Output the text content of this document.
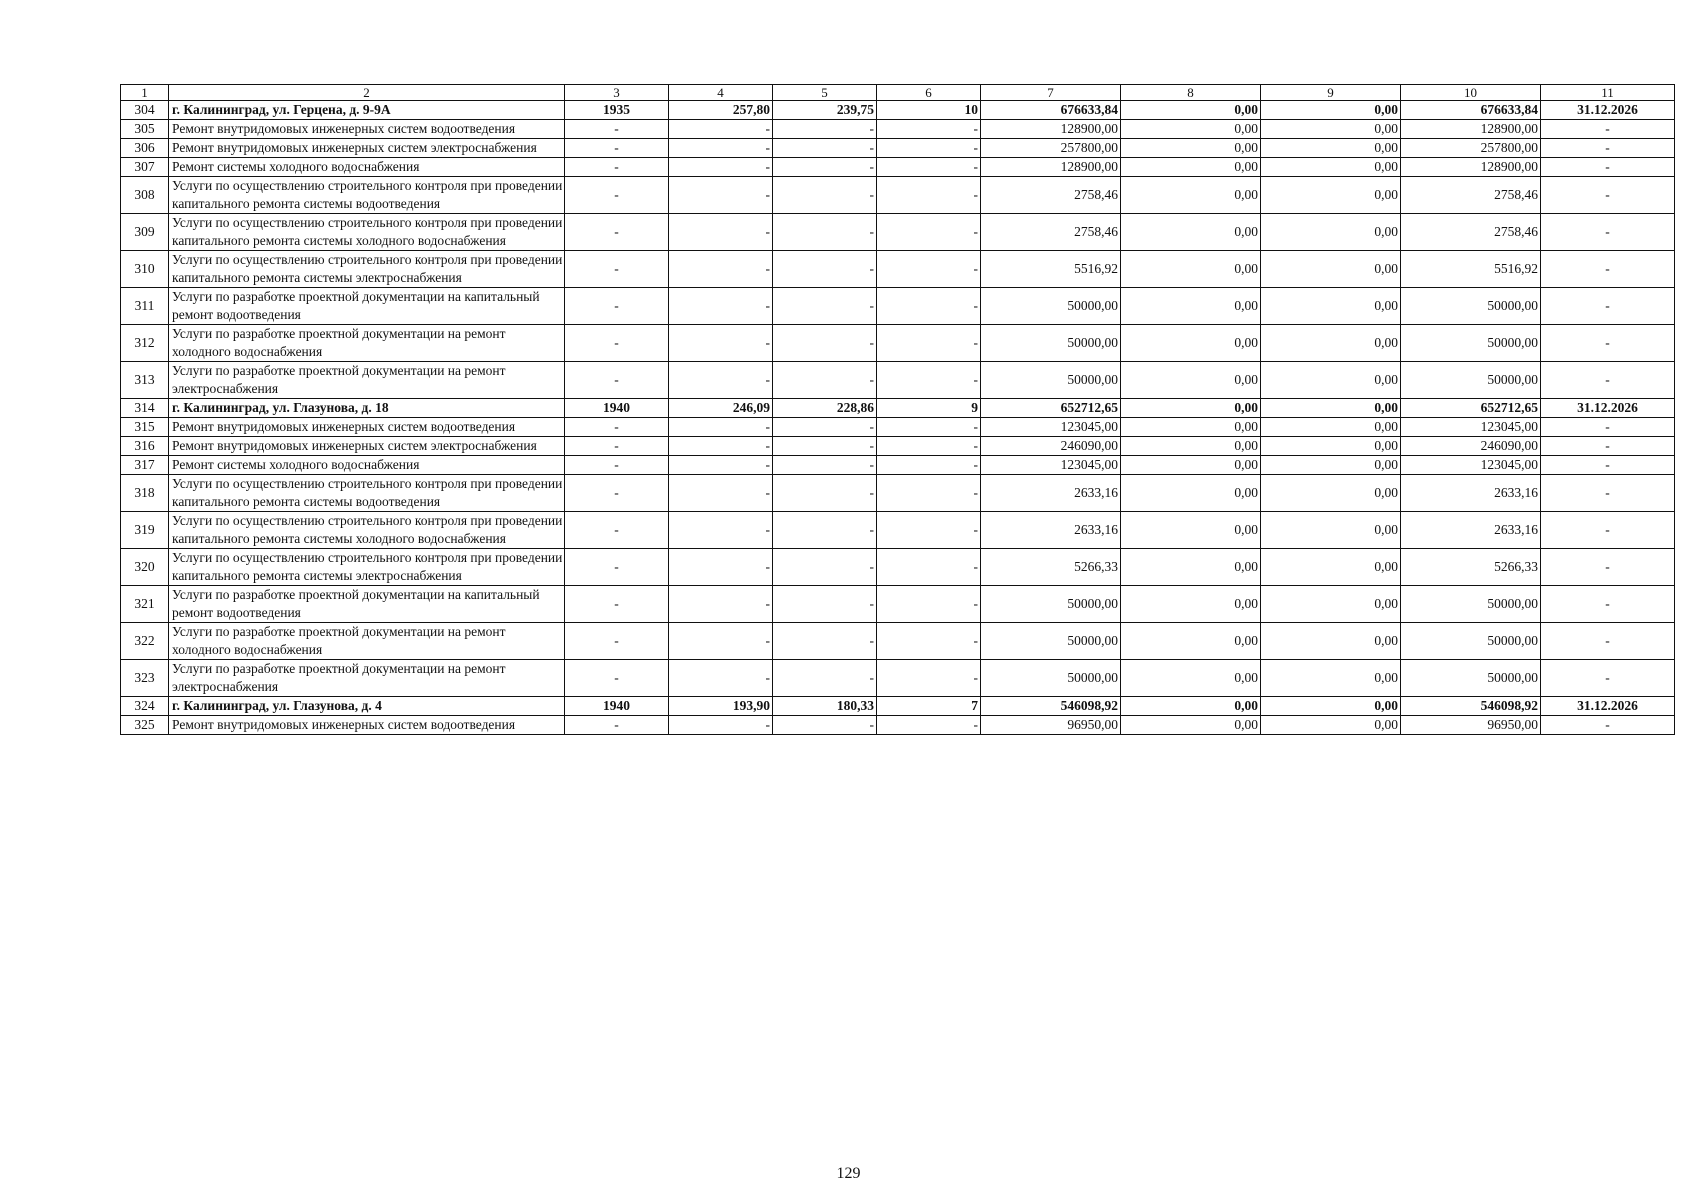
1	2	3	4	5	6	7	8	9	10	11
304	г. Калининград, ул. Герцена, д. 9-9А	1935	257,80	239,75	10	676633,84	0,00	0,00	676633,84	31.12.2026
305	Ремонт внутридомовых инженерных систем водоотведения	-	-	-	-	128900,00	0,00	0,00	128900,00	-
306	Ремонт внутридомовых инженерных систем электроснабжения	-	-	-	-	257800,00	0,00	0,00	257800,00	-
307	Ремонт системы холодного водоснабжения	-	-	-	-	128900,00	0,00	0,00	128900,00	-
308	Услуги по осуществлению строительного контроля при проведении капитального ремонта системы водоотведения	-	-	-	-	2758,46	0,00	0,00	2758,46	-
309	Услуги по осуществлению строительного контроля при проведении капитального ремонта системы холодного водоснабжения	-	-	-	-	2758,46	0,00	0,00	2758,46	-
310	Услуги по осуществлению строительного контроля при проведении капитального ремонта системы электроснабжения	-	-	-	-	5516,92	0,00	0,00	5516,92	-
311	Услуги по разработке проектной документации на капитальный ремонт водоотведения	-	-	-	-	50000,00	0,00	0,00	50000,00	-
312	Услуги по разработке проектной документации на ремонт холодного водоснабжения	-	-	-	-	50000,00	0,00	0,00	50000,00	-
313	Услуги по разработке проектной документации на ремонт электроснабжения	-	-	-	-	50000,00	0,00	0,00	50000,00	-
314	г. Калининград, ул. Глазунова, д. 18	1940	246,09	228,86	9	652712,65	0,00	0,00	652712,65	31.12.2026
315	Ремонт внутридомовых инженерных систем водоотведения	-	-	-	-	123045,00	0,00	0,00	123045,00	-
316	Ремонт внутридомовых инженерных систем электроснабжения	-	-	-	-	246090,00	0,00	0,00	246090,00	-
317	Ремонт системы холодного водоснабжения	-	-	-	-	123045,00	0,00	0,00	123045,00	-
318	Услуги по осуществлению строительного контроля при проведении капитального ремонта системы водоотведения	-	-	-	-	2633,16	0,00	0,00	2633,16	-
319	Услуги по осуществлению строительного контроля при проведении капитального ремонта системы холодного водоснабжения	-	-	-	-	2633,16	0,00	0,00	2633,16	-
320	Услуги по осуществлению строительного контроля при проведении капитального ремонта системы электроснабжения	-	-	-	-	5266,33	0,00	0,00	5266,33	-
321	Услуги по разработке проектной документации на капитальный ремонт водоотведения	-	-	-	-	50000,00	0,00	0,00	50000,00	-
322	Услуги по разработке проектной документации на ремонт холодного водоснабжения	-	-	-	-	50000,00	0,00	0,00	50000,00	-
323	Услуги по разработке проектной документации на ремонт электроснабжения	-	-	-	-	50000,00	0,00	0,00	50000,00	-
324	г. Калининград, ул. Глазунова, д. 4	1940	193,90	180,33	7	546098,92	0,00	0,00	546098,92	31.12.2026
325	Ремонт внутридомовых инженерных систем водоотведения	-	-	-	-	96950,00	0,00	0,00	96950,00	-
129
